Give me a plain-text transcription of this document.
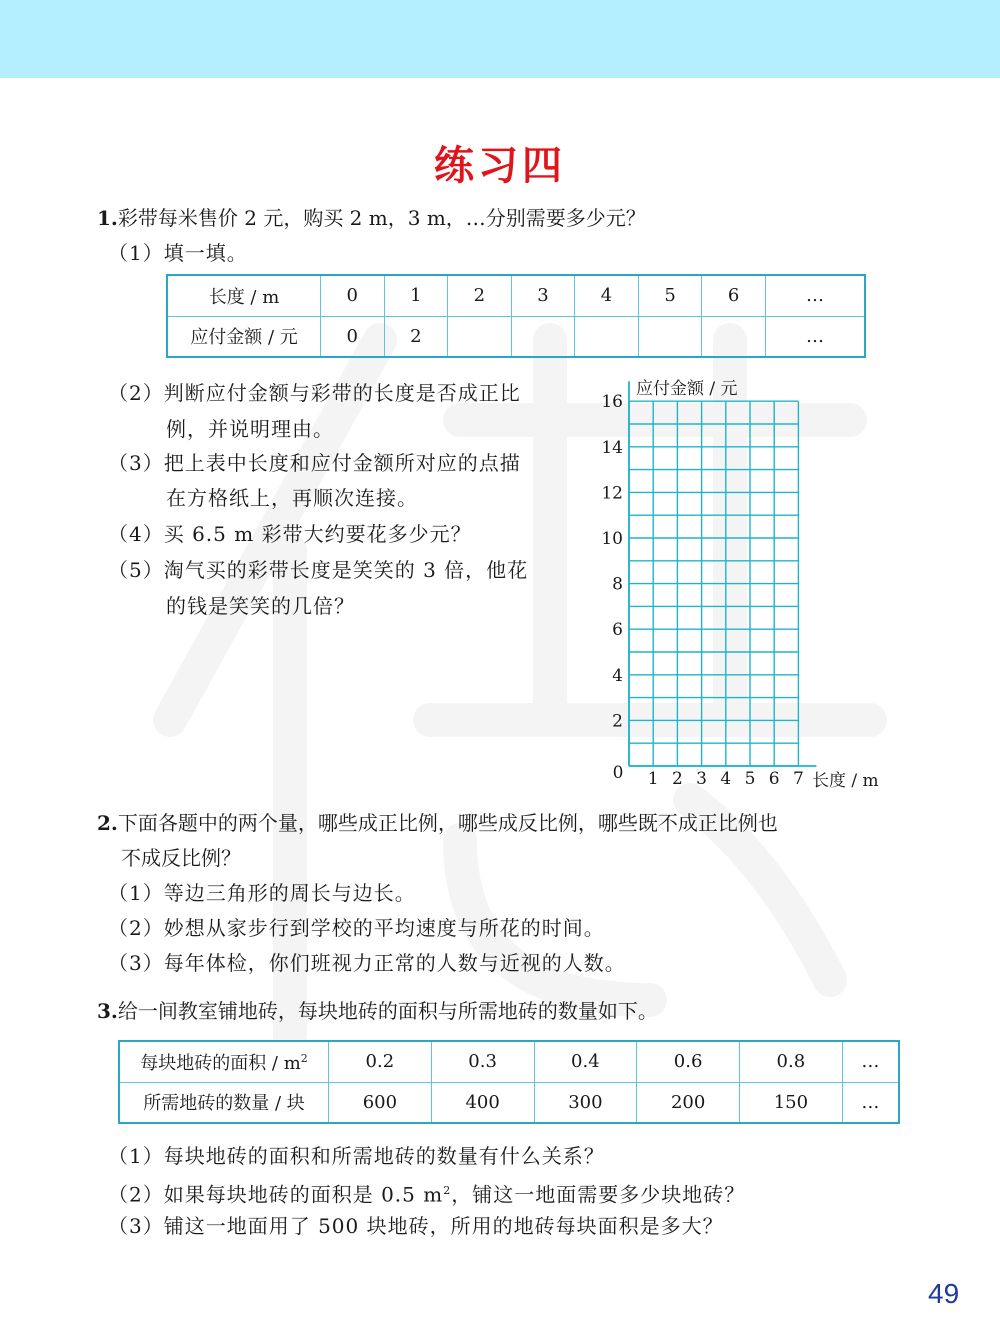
练习四
1.彩带每米售价 2 元，购买 2 m，3 m，…分别需要多少元？
（1）填一填。
长度 / m	0	1	2	3	4	5	6	…
应付金额 / 元	0	2						…
（2）判断应付金额与彩带的长度是否成正比
例，并说明理由。
（3）把上表中长度和应付金额所对应的点描
在方格纸上，再顺次连接。
（4）买 6.5 m 彩带大约要花多少元？
（5）淘气买的彩带长度是笑笑的 3 倍，他花
的钱是笑笑的几倍？
1 2 3 4 5 6 7
2
4
6
8
10
12
14
16
应付金额 / 元
长度 / m
0
2.下面各题中的两个量，哪些成正比例，哪些成反比例，哪些既不成正比例也
不成反比例？
（1）等边三角形的周长与边长。
（2）妙想从家步行到学校的平均速度与所花的时间。
（3）每年体检，你们班视力正常的人数与近视的人数。
3.给一间教室铺地砖，每块地砖的面积与所需地砖的数量如下。
每块地砖的面积 / $m^2$	0.2	0.3	0.4	0.6	0.8	…
所需地砖的数量 / 块	600	400	300	200	150	…
（1）每块地砖的面积和所需地砖的数量有什么关系？
（2）如果每块地砖的面积是 0.5 $m^2$，铺这一地面需要多少块地砖？
（3）铺这一地面用了 500 块地砖，所用的地砖每块面积是多大？
49
